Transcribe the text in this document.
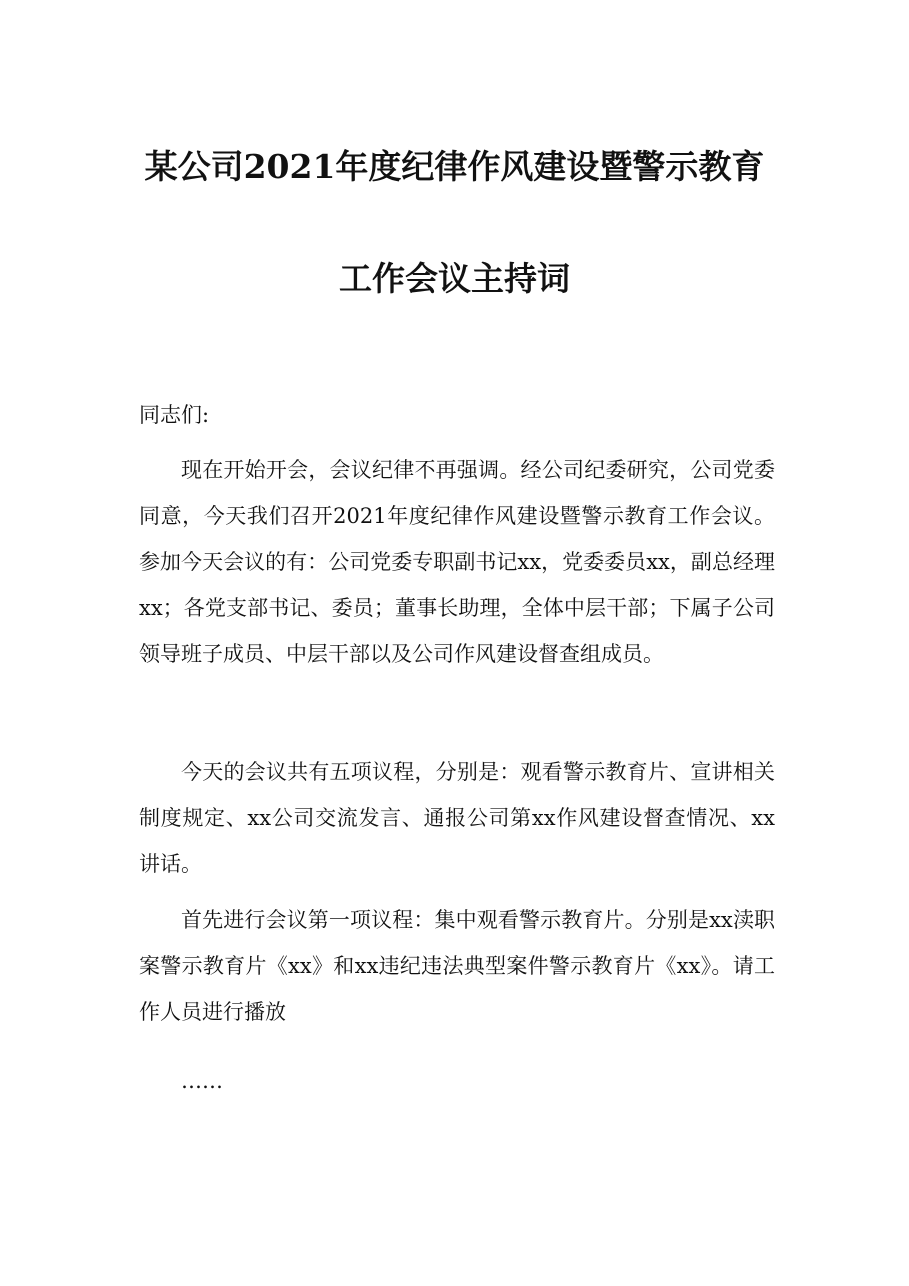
某公司2021年度纪律作风建设暨警示教育
工作会议主持词
同志们:

现在开始开会，会议纪律不再强调。经公司纪委研究，公司党委同意，今天我们召开2021年度纪律作风建设暨警示教育工作会议。参加今天会议的有：公司党委专职副书记xx，党委委员xx，副总经理xx；各党支部书记、委员；董事长助理，全体中层干部；下属子公司领导班子成员、中层干部以及公司作风建设督查组成员。

今天的会议共有五项议程，分别是：观看警示教育片、宣讲相关制度规定、xx公司交流发言、通报公司第xx作风建设督查情况、xx讲话。

首先进行会议第一项议程：集中观看警示教育片。分别是xx渎职案警示教育片《xx》和xx违纪违法典型案件警示教育片《xx》。请工作人员进行播放

……
